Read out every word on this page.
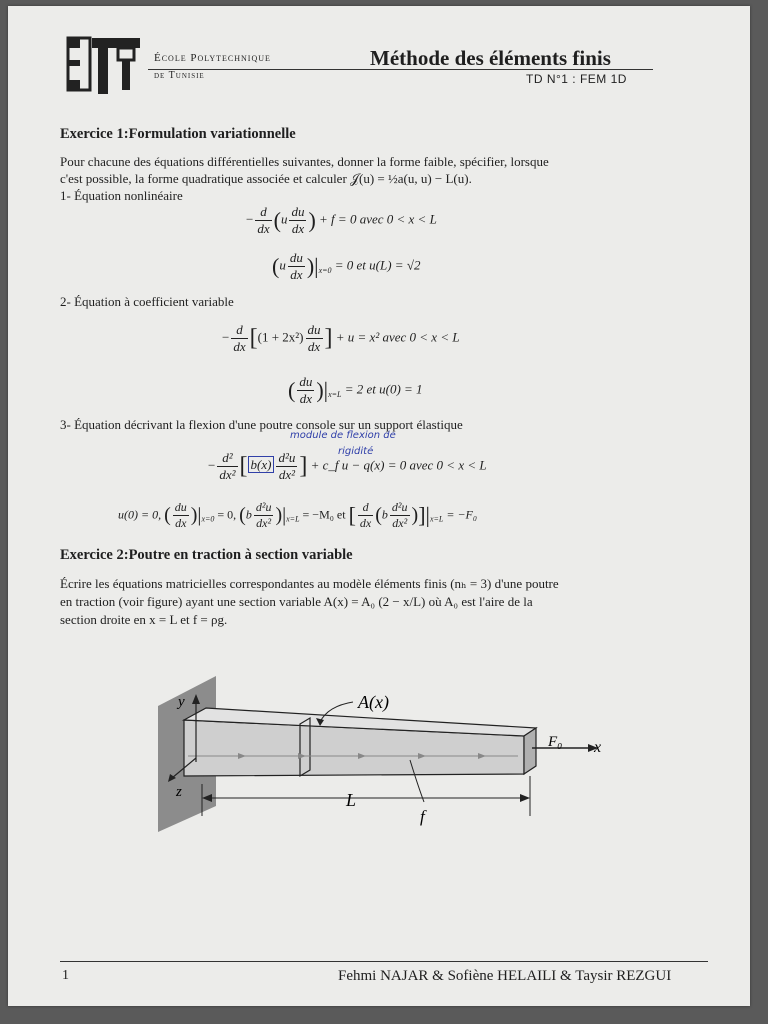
École Polytechnique
de Tunisie
Méthode des éléments finis
TD N°1 : FEM 1D
Exercice 1:Formulation variationnelle
Pour chacune des équations différentielles suivantes, donner la forme faible, spécifier, lorsque
c'est possible, la forme quadratique associée et calculer 𝒥(u) = ½a(u, u) − L(u).
1- Équation nonlinéaire
− $\frac{d}{dx} (u \frac{du}{dx}$ ) + f = 0 avec 0 < x < L
$(u \frac{du}{dx} )|_{x=0} = 0$ et u(L) = √2
2- Équation à coefficient variable
− $\frac{d}{dx} [(1 + 2x^2) \frac{du}{dx}$ ] + u = x² avec 0 < x < L
( $\frac{du}{dx} )|_{x=L} = 2$ et u(0) = 1
3- Équation décrivant la flexion d'une poutre console sur un support élastique
module de flexion de
rigidité
− $\frac{\text{d²}}{\text{dx²}}$ [ $b(x) \frac{\text{d²u}}{\text{dx²}}$ ] + c_f u − q(x) = 0 avec 0 < x < L
u(0) = 0, ( $\frac{du}{dx} )|_{x=0} = 0$, $(b \frac{\text{d²u}}{\text{dx²}} )|_{x=L} = -M_0$ et [ $\frac{d}{dx} (b \frac{\text{d²u}}{\text{dx²}} )]|_{x=L} = -F_0$
Exercice 2:Poutre en traction à section variable
Écrire les équations matricielles correspondantes au modèle éléments finis (nₕ = 3) d'une poutre
en traction (voir figure) ayant une section variable A(x) = A₀ (2 − x/L) où A₀ est l'aire de la
section droite en x = L et f = ρg.
y
z
x
A(x)
F₀
L
f
1	Fehmi NAJAR & Sofiène HELAILI & Taysir REZGUI
